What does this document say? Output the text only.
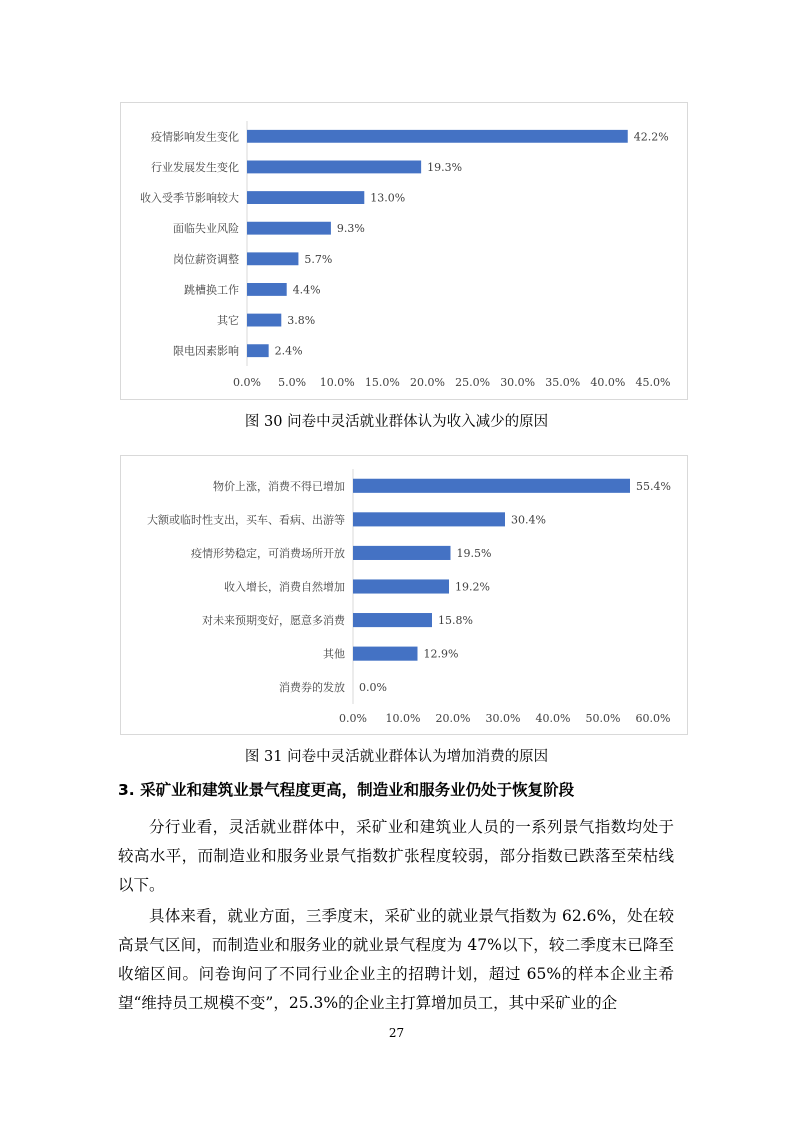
疫情影响发生变化	42.2%
行业发展发生变化	19.3%
收入受季节影响较大	13.0%
面临失业风险	9.3%
岗位薪资调整	5.7%
跳槽换工作	4.4%
其它	3.8%
限电因素影响	2.4%
0.0% 5.0% 10.0% 15.0% 20.0% 25.0% 30.0% 35.0% 40.0% 45.0%
图 30 问卷中灵活就业群体认为收入减少的原因
物价上涨，消费不得已增加	55.4%
大额或临时性支出，买车、看病、出游等	30.4%
疫情形势稳定，可消费场所开放	19.5%
收入增长，消费自然增加	19.2%
对未来预期变好，愿意多消费	15.8%
其他	12.9%
消费券的发放 0.0%
0.0% 10.0% 20.0% 30.0% 40.0% 50.0% 60.0%
图 31 问卷中灵活就业群体认为增加消费的原因
3. 采矿业和建筑业景气程度更高，制造业和服务业仍处于恢复阶段

分行业看，灵活就业群体中，采矿业和建筑业人员的一系列景气指数均处于较高水平，而制造业和服务业景气指数扩张程度较弱，部分指数已跌落至荣枯线以下。

具体来看，就业方面，三季度末，采矿业的就业景气指数为 62.6%，处在较高景气区间，而制造业和服务业的就业景气程度为 47%以下，较二季度末已降至收缩区间。问卷询问了不同行业企业主的招聘计划，超过 65%的样本企业主希望“维持员工规模不变”，25.3%的企业主打算增加员工，其中采矿业的企

27
